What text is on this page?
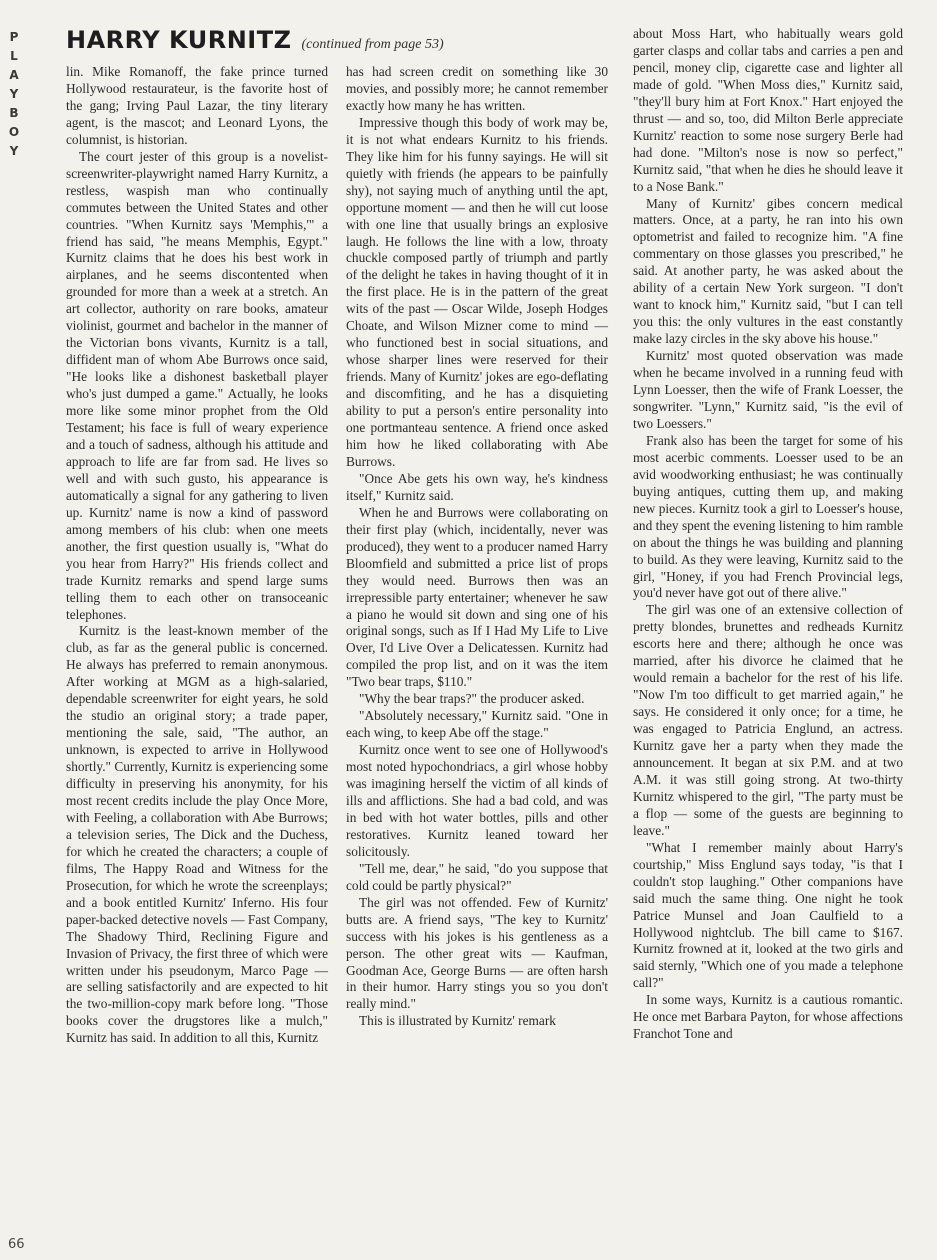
P
L
A
Y
B
O
Y
HARRY KURNITZ (continued from page 53)

lin. Mike Romanoff, the fake prince turned Hollywood restaurateur, is the favorite host of the gang; Irving Paul Lazar, the tiny literary agent, is the mascot; and Leonard Lyons, the columnist, is historian.

The court jester of this group is a novelist-screenwriter-playwright named Harry Kurnitz, a restless, waspish man who continually commutes between the United States and other countries. "When Kurnitz says 'Memphis,'" a friend has said, "he means Memphis, Egypt." Kurnitz claims that he does his best work in airplanes, and he seems discontented when grounded for more than a week at a stretch. An art collector, authority on rare books, amateur violinist, gourmet and bachelor in the manner of the Victorian bons vivants, Kurnitz is a tall, diffident man of whom Abe Burrows once said, "He looks like a dishonest basketball player who's just dumped a game." Actually, he looks more like some minor prophet from the Old Testament; his face is full of weary experience and a touch of sadness, although his attitude and approach to life are far from sad. He lives so well and with such gusto, his appearance is automatically a signal for any gathering to liven up. Kurnitz' name is now a kind of password among members of his club: when one meets another, the first question usually is, "What do you hear from Harry?" His friends collect and trade Kurnitz remarks and spend large sums telling them to each other on transoceanic telephones.

Kurnitz is the least-known member of the club, as far as the general public is concerned. He always has preferred to remain anonymous. After working at MGM as a high-salaried, dependable screenwriter for eight years, he sold the studio an original story; a trade paper, mentioning the sale, said, "The author, an unknown, is expected to arrive in Hollywood shortly." Currently, Kurnitz is experiencing some difficulty in preserving his anonymity, for his most recent credits include the play Once More, with Feeling, a collaboration with Abe Burrows; a television series, The Dick and the Duchess, for which he created the characters; a couple of films, The Happy Road and Witness for the Prosecution, for which he wrote the screenplays; and a book entitled Kurnitz' Inferno. His four paper-backed detective novels — Fast Company, The Shadowy Third, Reclining Figure and Invasion of Privacy, the first three of which were written under his pseudonym, Marco Page — are selling satisfactorily and are expected to hit the two-million-copy mark before long. "Those books cover the drugstores like a mulch," Kurnitz has said. In addition to all this, Kurnitz

has had screen credit on something like 30 movies, and possibly more; he cannot remember exactly how many he has written.

Impressive though this body of work may be, it is not what endears Kurnitz to his friends. They like him for his funny sayings. He will sit quietly with friends (he appears to be painfully shy), not saying much of anything until the apt, opportune moment — and then he will cut loose with one line that usually brings an explosive laugh. He follows the line with a low, throaty chuckle composed partly of triumph and partly of the delight he takes in having thought of it in the first place. He is in the pattern of the great wits of the past — Oscar Wilde, Joseph Hodges Choate, and Wilson Mizner come to mind — who functioned best in social situations, and whose sharper lines were reserved for their friends. Many of Kurnitz' jokes are ego-deflating and discomfiting, and he has a disquieting ability to put a person's entire personality into one portmanteau sentence. A friend once asked him how he liked collaborating with Abe Burrows.

"Once Abe gets his own way, he's kindness itself," Kurnitz said.

When he and Burrows were collaborating on their first play (which, incidentally, never was produced), they went to a producer named Harry Bloomfield and submitted a price list of props they would need. Burrows then was an irrepressible party entertainer; whenever he saw a piano he would sit down and sing one of his original songs, such as If I Had My Life to Live Over, I'd Live Over a Delicatessen. Kurnitz had compiled the prop list, and on it was the item "Two bear traps, $110."

"Why the bear traps?" the producer asked.

"Absolutely necessary," Kurnitz said. "One in each wing, to keep Abe off the stage."

Kurnitz once went to see one of Hollywood's most noted hypochondriacs, a girl whose hobby was imagining herself the victim of all kinds of ills and afflictions. She had a bad cold, and was in bed with hot water bottles, pills and other restoratives. Kurnitz leaned toward her solicitously.

"Tell me, dear," he said, "do you suppose that cold could be partly physical?"

The girl was not offended. Few of Kurnitz' butts are. A friend says, "The key to Kurnitz' success with his jokes is his gentleness as a person. The other great wits — Kaufman, Goodman Ace, George Burns — are often harsh in their humor. Harry stings you so you don't really mind."

This is illustrated by Kurnitz' remark

about Moss Hart, who habitually wears gold garter clasps and collar tabs and carries a pen and pencil, money clip, cigarette case and lighter all made of gold. "When Moss dies," Kurnitz said, "they'll bury him at Fort Knox." Hart enjoyed the thrust — and so, too, did Milton Berle appreciate Kurnitz' reaction to some nose surgery Berle had had done. "Milton's nose is now so perfect," Kurnitz said, "that when he dies he should leave it to a Nose Bank."

Many of Kurnitz' gibes concern medical matters. Once, at a party, he ran into his own optometrist and failed to recognize him. "A fine commentary on those glasses you prescribed," he said. At another party, he was asked about the ability of a certain New York surgeon. "I don't want to knock him," Kurnitz said, "but I can tell you this: the only vultures in the east constantly make lazy circles in the sky above his house."

Kurnitz' most quoted observation was made when he became involved in a running feud with Lynn Loesser, then the wife of Frank Loesser, the songwriter. "Lynn," Kurnitz said, "is the evil of two Loessers."

Frank also has been the target for some of his most acerbic comments. Loesser used to be an avid woodworking enthusiast; he was continually buying antiques, cutting them up, and making new pieces. Kurnitz took a girl to Loesser's house, and they spent the evening listening to him ramble on about the things he was building and planning to build. As they were leaving, Kurnitz said to the girl, "Honey, if you had French Provincial legs, you'd never have got out of there alive."

The girl was one of an extensive collection of pretty blondes, brunettes and redheads Kurnitz escorts here and there; although he once was married, after his divorce he claimed that he would remain a bachelor for the rest of his life. "Now I'm too difficult to get married again," he says. He considered it only once; for a time, he was engaged to Patricia Englund, an actress. Kurnitz gave her a party when they made the announcement. It began at six P.M. and at two A.M. it was still going strong. At two-thirty Kurnitz whispered to the girl, "The party must be a flop — some of the guests are beginning to leave."

"What I remember mainly about Harry's courtship," Miss Englund says today, "is that I couldn't stop laughing." Other companions have said much the same thing. One night he took Patrice Munsel and Joan Caulfield to a Hollywood nightclub. The bill came to $167. Kurnitz frowned at it, looked at the two girls and said sternly, "Which one of you made a telephone call?"

In some ways, Kurnitz is a cautious romantic. He once met Barbara Payton, for whose affections Franchot Tone and

66
